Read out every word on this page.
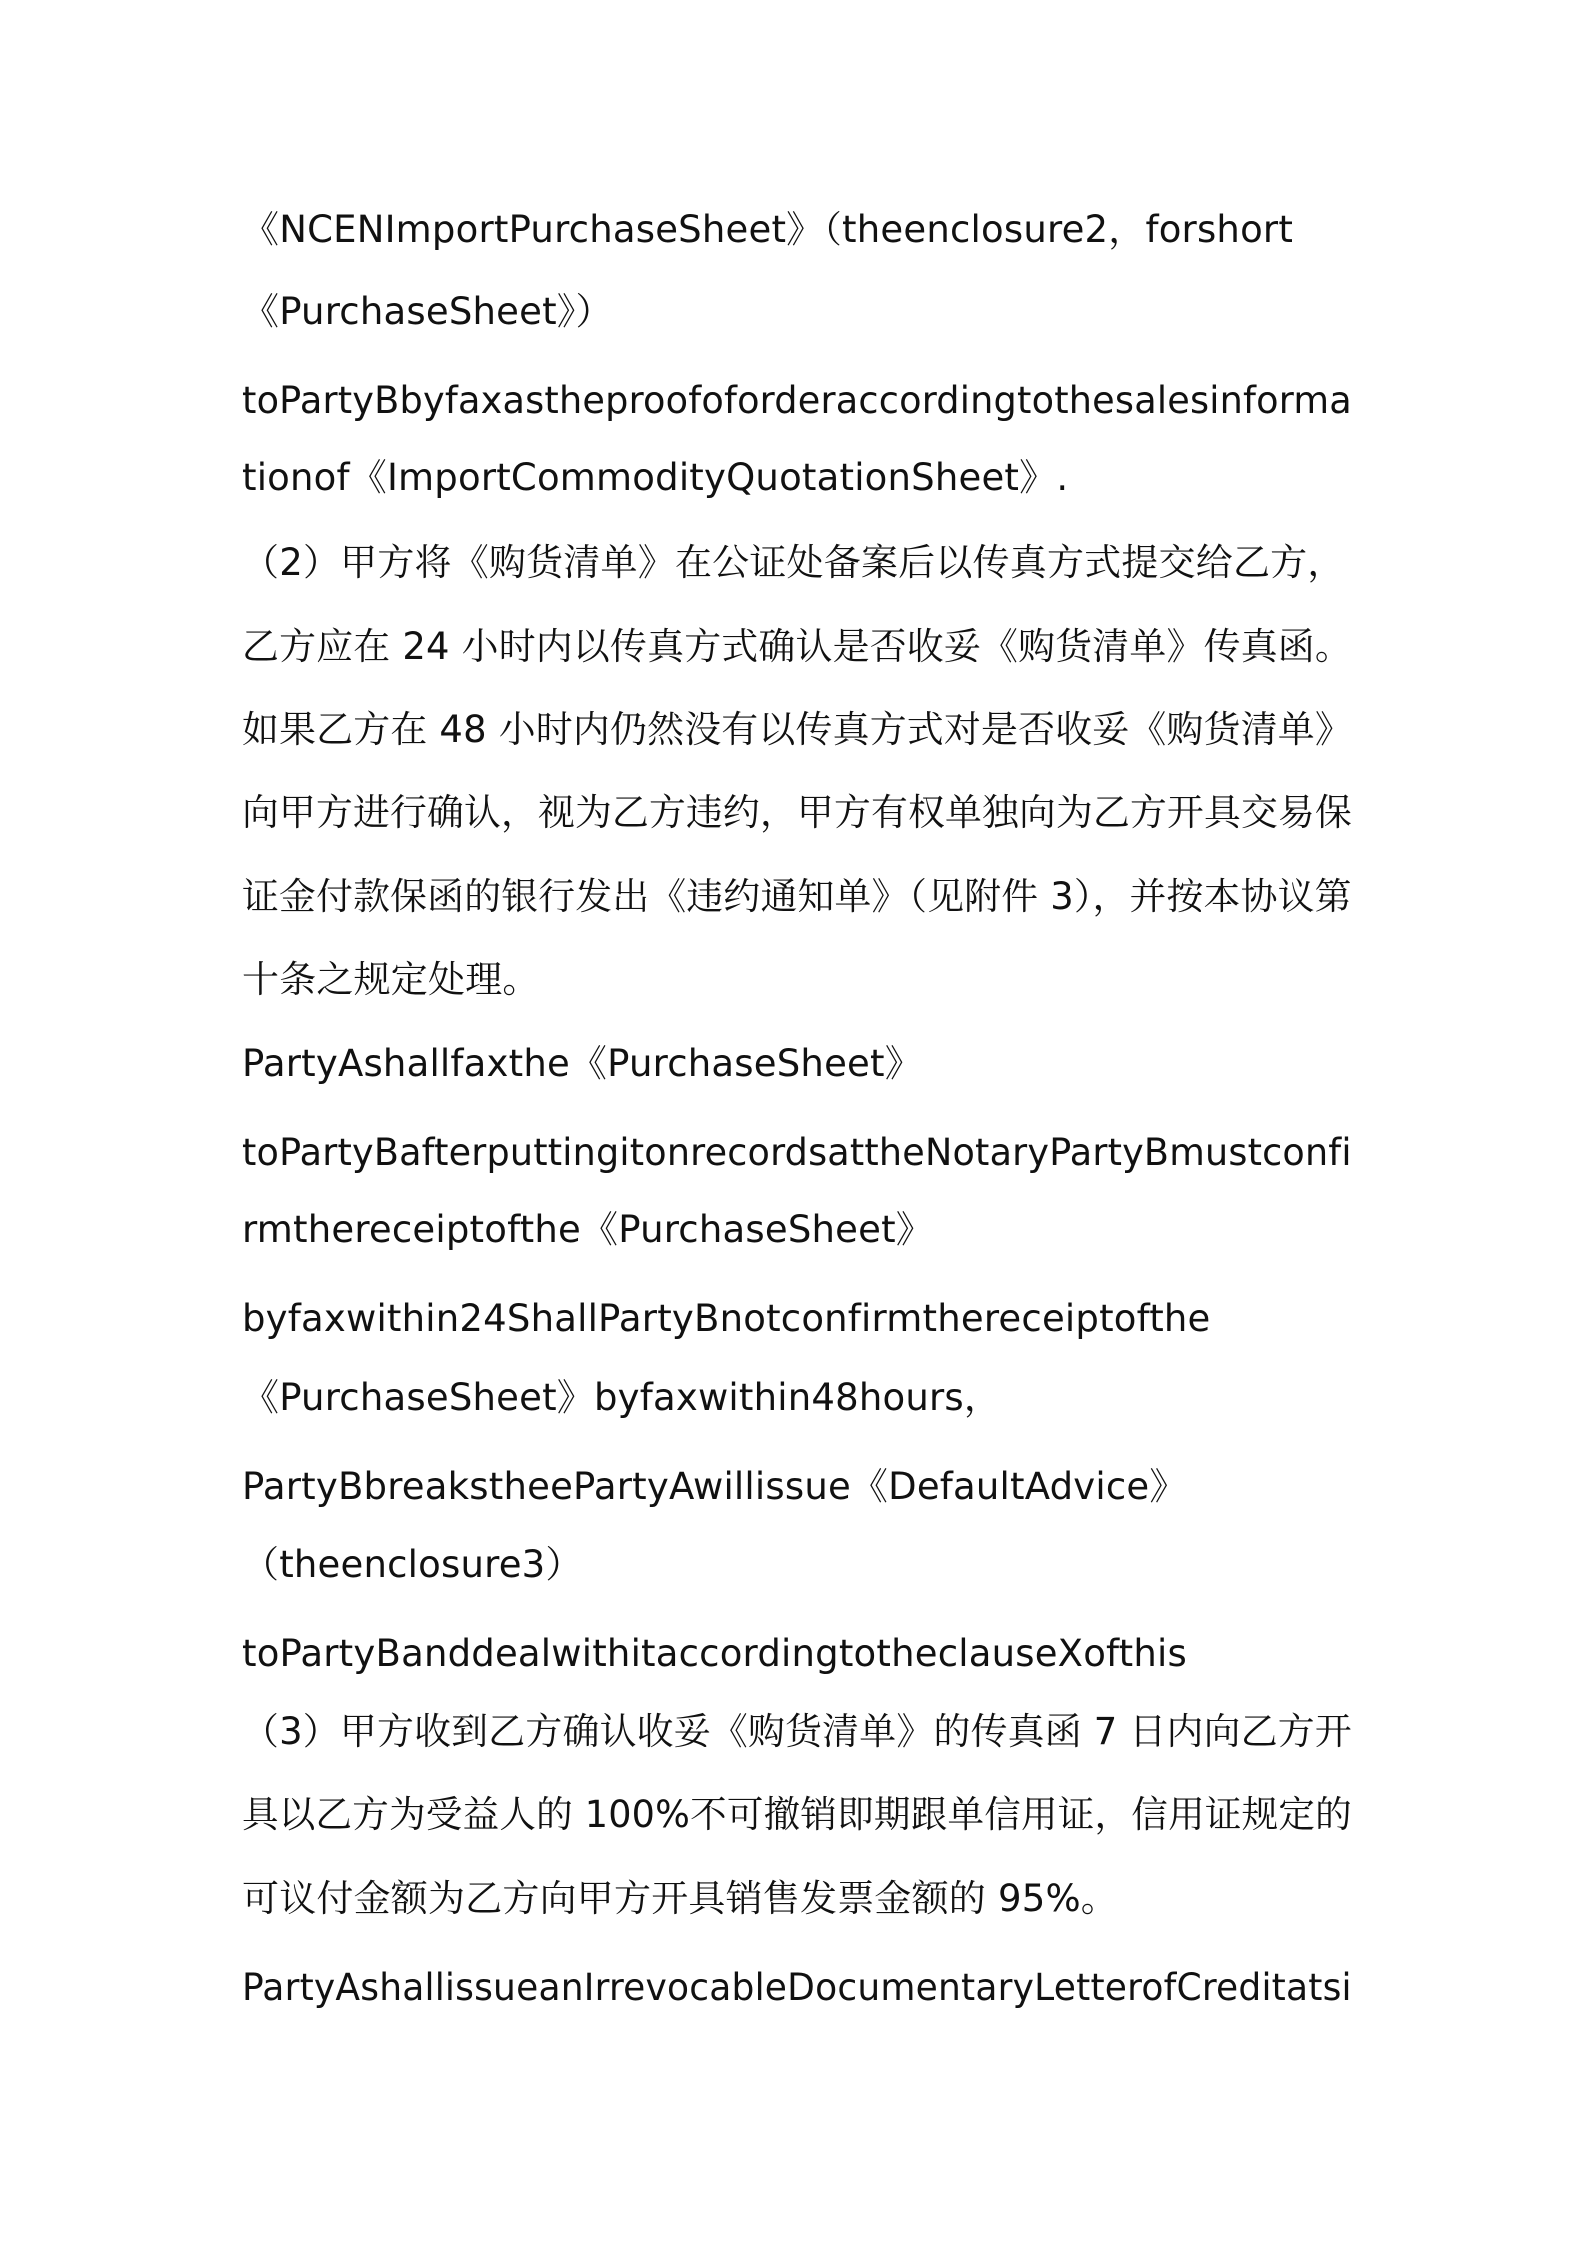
《NCENImportPurchaseSheet》（theenclosure2，forshort
《PurchaseSheet》）
toPartyBbyfaxastheproofoforderaccordingtothesalesinforma
tionof《ImportCommodityQuotationSheet》.
（2）甲方将《购货清单》在公证处备案后以传真方式提交给乙方，
乙方应在 24 小时内以传真方式确认是否收妥《购货清单》传真函。
如果乙方在 48 小时内仍然没有以传真方式对是否收妥《购货清单》
向甲方进行确认，视为乙方违约，甲方有权单独向为乙方开具交易保
证金付款保函的银行发出《违约通知单》（见附件 3），并按本协议第
十条之规定处理。
PartyAshallfaxthe《PurchaseSheet》
toPartyBafterputtingitonrecordsattheNotaryPartyBmustconfi
rmthereceiptofthe《PurchaseSheet》
byfaxwithin24ShallPartyBnotconfirmthereceiptofthe
《PurchaseSheet》byfaxwithin48hours，
PartyBbreakstheePartyAwillissue《DefaultAdvice》
（theenclosure3）
toPartyBanddealwithitaccordingtotheclauseXofthis
（3）甲方收到乙方确认收妥《购货清单》的传真函 7 日内向乙方开
具以乙方为受益人的 100%不可撤销即期跟单信用证，信用证规定的
可议付金额为乙方向甲方开具销售发票金额的 95%。
PartyAshallissueanIrrevocableDocumentaryLetterofCreditatsi
